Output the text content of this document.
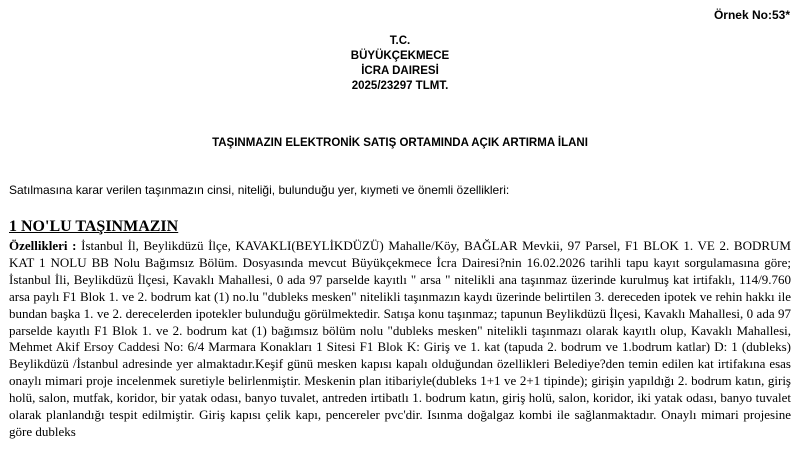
Örnek No:53*
T.C.
BÜYÜKÇEKMECE
İCRA DAIRESİ
2025/23297 TLMT.
TAŞINMAZIN ELEKTRONİK SATIŞ ORTAMINDA AÇIK ARTIRMA İLANI
Satılmasına karar verilen taşınmazın cinsi, niteliği, bulunduğu yer, kıymeti ve önemli özellikleri:
1 NO'LU TAŞINMAZIN
Özellikleri : İstanbul İl, Beylikdüzü İlçe, KAVAKLI(BEYLİKDÜZÜ) Mahalle/Köy, BAĞLAR Mevkii, 97 Parsel, F1 BLOK 1. VE 2. BODRUM KAT 1 NOLU BB Nolu Bağımsız Bölüm. Dosyasında mevcut Büyükçekmece İcra Dairesi?nin 16.02.2026 tarihli tapu kayıt sorgulamasına göre; İstanbul İli, Beylikdüzü İlçesi, Kavaklı Mahallesi, 0 ada 97 parselde kayıtlı " arsa " nitelikli ana taşınmaz üzerinde kurulmuş kat irtifaklı, 114/9.760 arsa paylı F1 Blok 1. ve 2. bodrum kat (1) no.lu "dubleks mesken" nitelikli taşınmazın kaydı üzerinde belirtilen 3. dereceden ipotek ve rehin hakkı ile bundan başka 1. ve 2. derecelerden ipotekler bulunduğu görülmektedir. Satışa konu taşınmaz; tapunun Beylikdüzü İlçesi, Kavaklı Mahallesi, 0 ada 97 parselde kayıtlı F1 Blok 1. ve 2. bodrum kat (1) bağımsız bölüm nolu "dubleks mesken" nitelikli taşınmazı olarak kayıtlı olup, Kavaklı Mahallesi, Mehmet Akif Ersoy Caddesi No: 6/4 Marmara Konakları 1 Sitesi F1 Blok K: Giriş ve 1. kat (tapuda 2. bodrum ve 1.bodrum katlar) D: 1 (dubleks) Beylikdüzü /İstanbul adresinde yer almaktadır.Keşif günü mesken kapısı kapalı olduğundan özellikleri Belediye?den temin edilen kat irtifakına esas onaylı mimari proje incelenmek suretiyle belirlenmiştir. Meskenin plan itibariyle(dubleks 1+1 ve 2+1 tipinde); girişin yapıldığı 2. bodrum katın, giriş holü, salon, mutfak, koridor, bir yatak odası, banyo tuvalet, antreden irtibatlı 1. bodrum katın, giriş holü, salon, koridor, iki yatak odası, banyo tuvalet olarak planlandığı tespit edilmiştir. Giriş kapısı çelik kapı, pencereler pvc'dir. Isınma doğalgaz kombi ile sağlanmaktadır. Onaylı mimari projesine göre dubleks
